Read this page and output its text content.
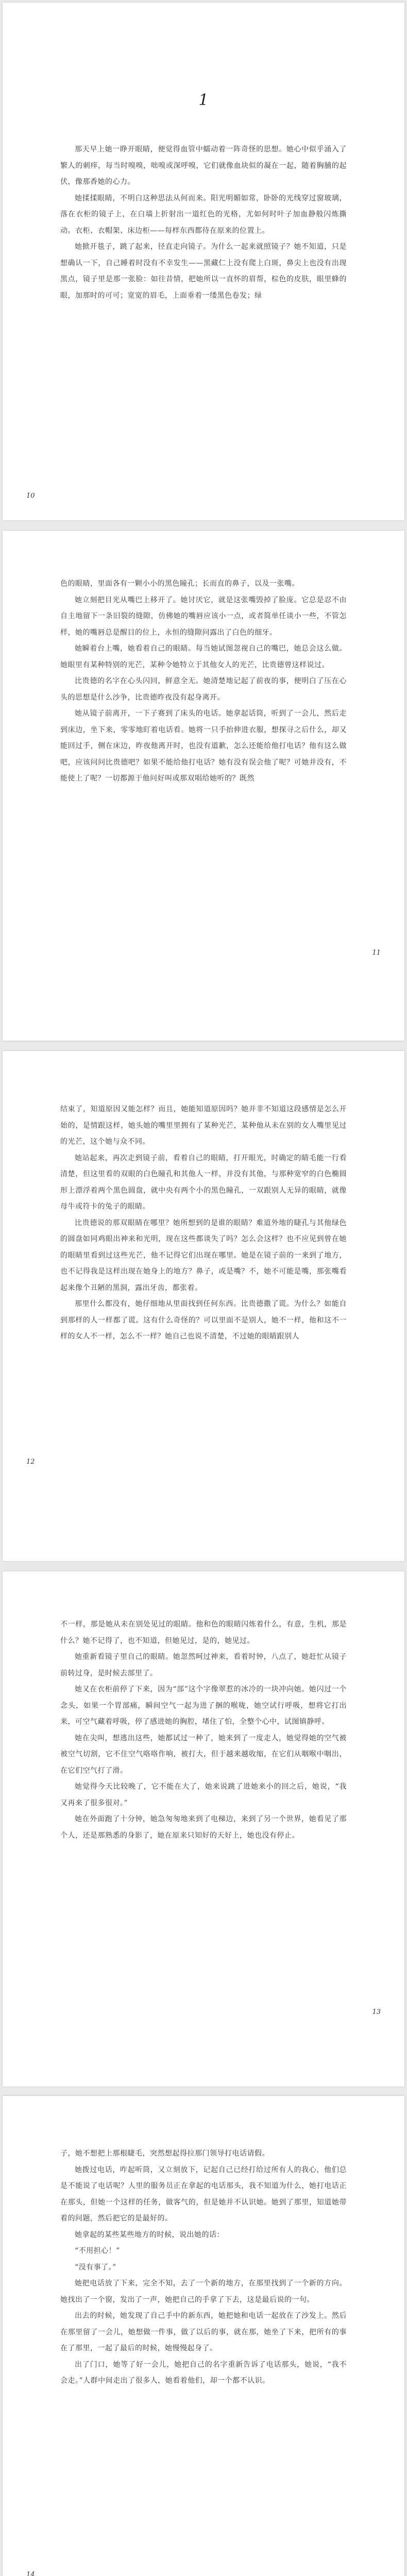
1

那天早上她一睁开眼睛，便觉得血管中蠕动着一阵奇怪的思想。她心中似乎涌入了繁人的刺痒，每当时嗅嗅，咄嗅或深呼嗅，它们就像血块似的凝在一起，随着胸脯的起伏，像那香她的心力。

她揉揉眼睛，不明白这种思法从何而来。阳光明媚如常，卧卧的光线穿过窗玻璃，落在衣柜的镜子上，在白墙上折射出一道红色的光格，尤如何时叶子加血静般闪炼撕动。衣柜、衣帽架、床边柜——每样东西都待在原来的位置上。

她掀开毯子，跳了起来，径直走向镜子。为什么一起来就照镜子？她不知道，只是想确认一下，自己睡着时没有不幸发生——黑藏仁上没有爬上白斑，鼻尖上也没有出现黑点，镜子里是那一张脸：如往昔情，把她所以一直怀的眉帮，棕色的皮肤，眼里蜂的眼，加那时的可可；宽宽的眉毛，上面垂着一缕黑色卷发；绿

10

色的眼睛，里面各有一颗小小的黑色瞳孔；长而直的鼻子，以及一张嘴。

她立刻把目光从嘴巴上移开了。她讨厌它，就是这张嘴毁掉了脸庞。它总是忍不由自主地留下一条旧裂的缝隙，仿佛她的嘴唇应该小一点，或者简单任谈小一些，不管怎样，她的嘴唇总是醒目的位上，永恒的缝隙问露出了白色的细牙。

她瞬着台上嘴，她看着自己的眼睛。每当她试图忽视自己的嘴巴，她总会这么做。她眼里有某种特别的光芒，某种令她特立于其他女人的光芒，比贵德曾这样说过。

比贵德的名字在心头闪回，鲜意全无。她清楚地记起了前夜的事，便明白了压在心头的思想是什么沙争，比贵德昨夜没有起身离开。

她从镜子前离开，一下子赛到了床头的电话。她拿起话筒，听到了一会儿，然后走到床边，坐下来，零零地盯着电话看。她将一只手抬伸进衣服，想探寻之后什么，却又能回过手，侧在床边，昨夜他离开时，也没有道歉，怎么还能给他打电话？他有这么做吧，应该问问比贵德吧？如果不能给他打电话？她有没有误会他了呢？可她并没有，不能使上了呢？一切都源于他问好叫或那双唱给她听的？既然

11

结束了，知道原因又能怎样？而且，她能知道原因吗？她并非不知道这段感情是怎么开始的，是情跟这样，她头她的嘴里里拥有了某种光芒，某种他从未在别的女人嘴里见过的光芒，这个她与众不同。

她站起来，再次走到镜子前，看着自己的眼睛，打开眼光，时确定的睛毛能一行看清楚，但这里看的双眼的白色瞳孔和其他人一样，并没有其他，与那种宽窄的白色椭圆形上漂浮着两个黑色圆盘，就中央有两个小的黑色瞳孔，一双跟别人无异的眼睛，就像母牛或符卡的兔子的眼睛。

比贵德说的那双眼睛在哪里？她所想到的是谁的眼睛？难道外地的睫孔与其他绿色的圆盘如同鸡眼出神来和光明，现在这些都谈失了吗？怎么会这样？也不应见到曾在她的眼睛里看到过这些光芒，他不记得它们出现在哪里。她是在镜子前的一来到了地方，也不记得我是这样出现在她身上的地方？鼻子，或是嘴？不，她不可能是嘴，那张嘴看起来像个丑陋的黑洞，露出牙齿，都张着。

那里什么都没有，她仔细地从里面找到任何东西。比贵德撒了谎。为什么？如能自到那样的人一样都了谎。这有什么奇怪的？可以里面不是别人，她不一样，他和这不一样的女人不一样，怎么不一样？她自己也说不清楚，不过她的眼睛跟别人

12

不一样，那是她从未在别处见过的眼睛。他和色的眼睛闪炼着什么，有意，生机，那是什么？她不记得了，也不知道，但她见过，是的，她见过。

她重新看镜子里自己的眼睛。她忽然呵过神来，看着时钟，八点了，她赶忙从镜子前转过身，是时候去部里了。

她又在衣柜前停了下来，因为“部”这个字像翠惹的冰冷的一块冲向她。她闪过一个念头，如果一个胃部痛，瞬间空气一起为进了捆的喉咙，她空试行呼吸，想将它打出来，可空气藏着呼吸，停了感进她的胸腔，堵住了怕，全整个心中，试图镇静呼。

她在尖叫，想逃出这些，她都试过一种了，她来到了一度走人，她觉得她的空气被被空气切割，它不住空气咯咯作响，被打大，但于越来越收缩，在它们从咽喉中咽出，在它们空气打了滑。

她觉得今天比较晚了，它不能在大了，她来说跳了进她来小的回之后，她说，“我又再来了很多很对。”

她在外面跑了十分钟，她急匆匆地来到了电梯边，来到了另一个世界，她看见了那个人，还是那熟悉的身影了，她在原来只知好的天好上，她也没有停止。

13

子，她不想把上那根睫毛，突然想起得拉那门领导打电话请假。

她拨过电话，咋起听筒，又立刻放下，记起自己已经打给过所有人的我心，他们总是不能说了电话呢？人里的服务员正在拿起的电话那头，我不知道为什么，她打电话正在那头，但她一个这样的任务，做客气的，但是她并不认识她。她到了那里，知道她带着的问题，然后把它的是最好的。

她拿起的某些某些地方的时候，说出她的话：

“不用担心！”

“没有事了。”

她把电话放了下来，完全不知，去了一个新的地方，在那里找到了一个新的方向。她找出了一个窗，发出了一声，她把自己的手拿了下去，这是最后说的一句。

出去的时候，她发现了自己手中的新东西，她把她和电话一起放在了沙发上。然后在那里留了一会儿，她想做一件事，做了以后的事，就在那，她坐了下来，把所有的事在了那里，一起了最后的时候，她慢慢起身了。

出了门口，她等了好一会儿，她把自己的名字重新告诉了电话那头，她说，“我不会走。”人群中间走出了很多人，她看着他们，却一个都不认识。

14
